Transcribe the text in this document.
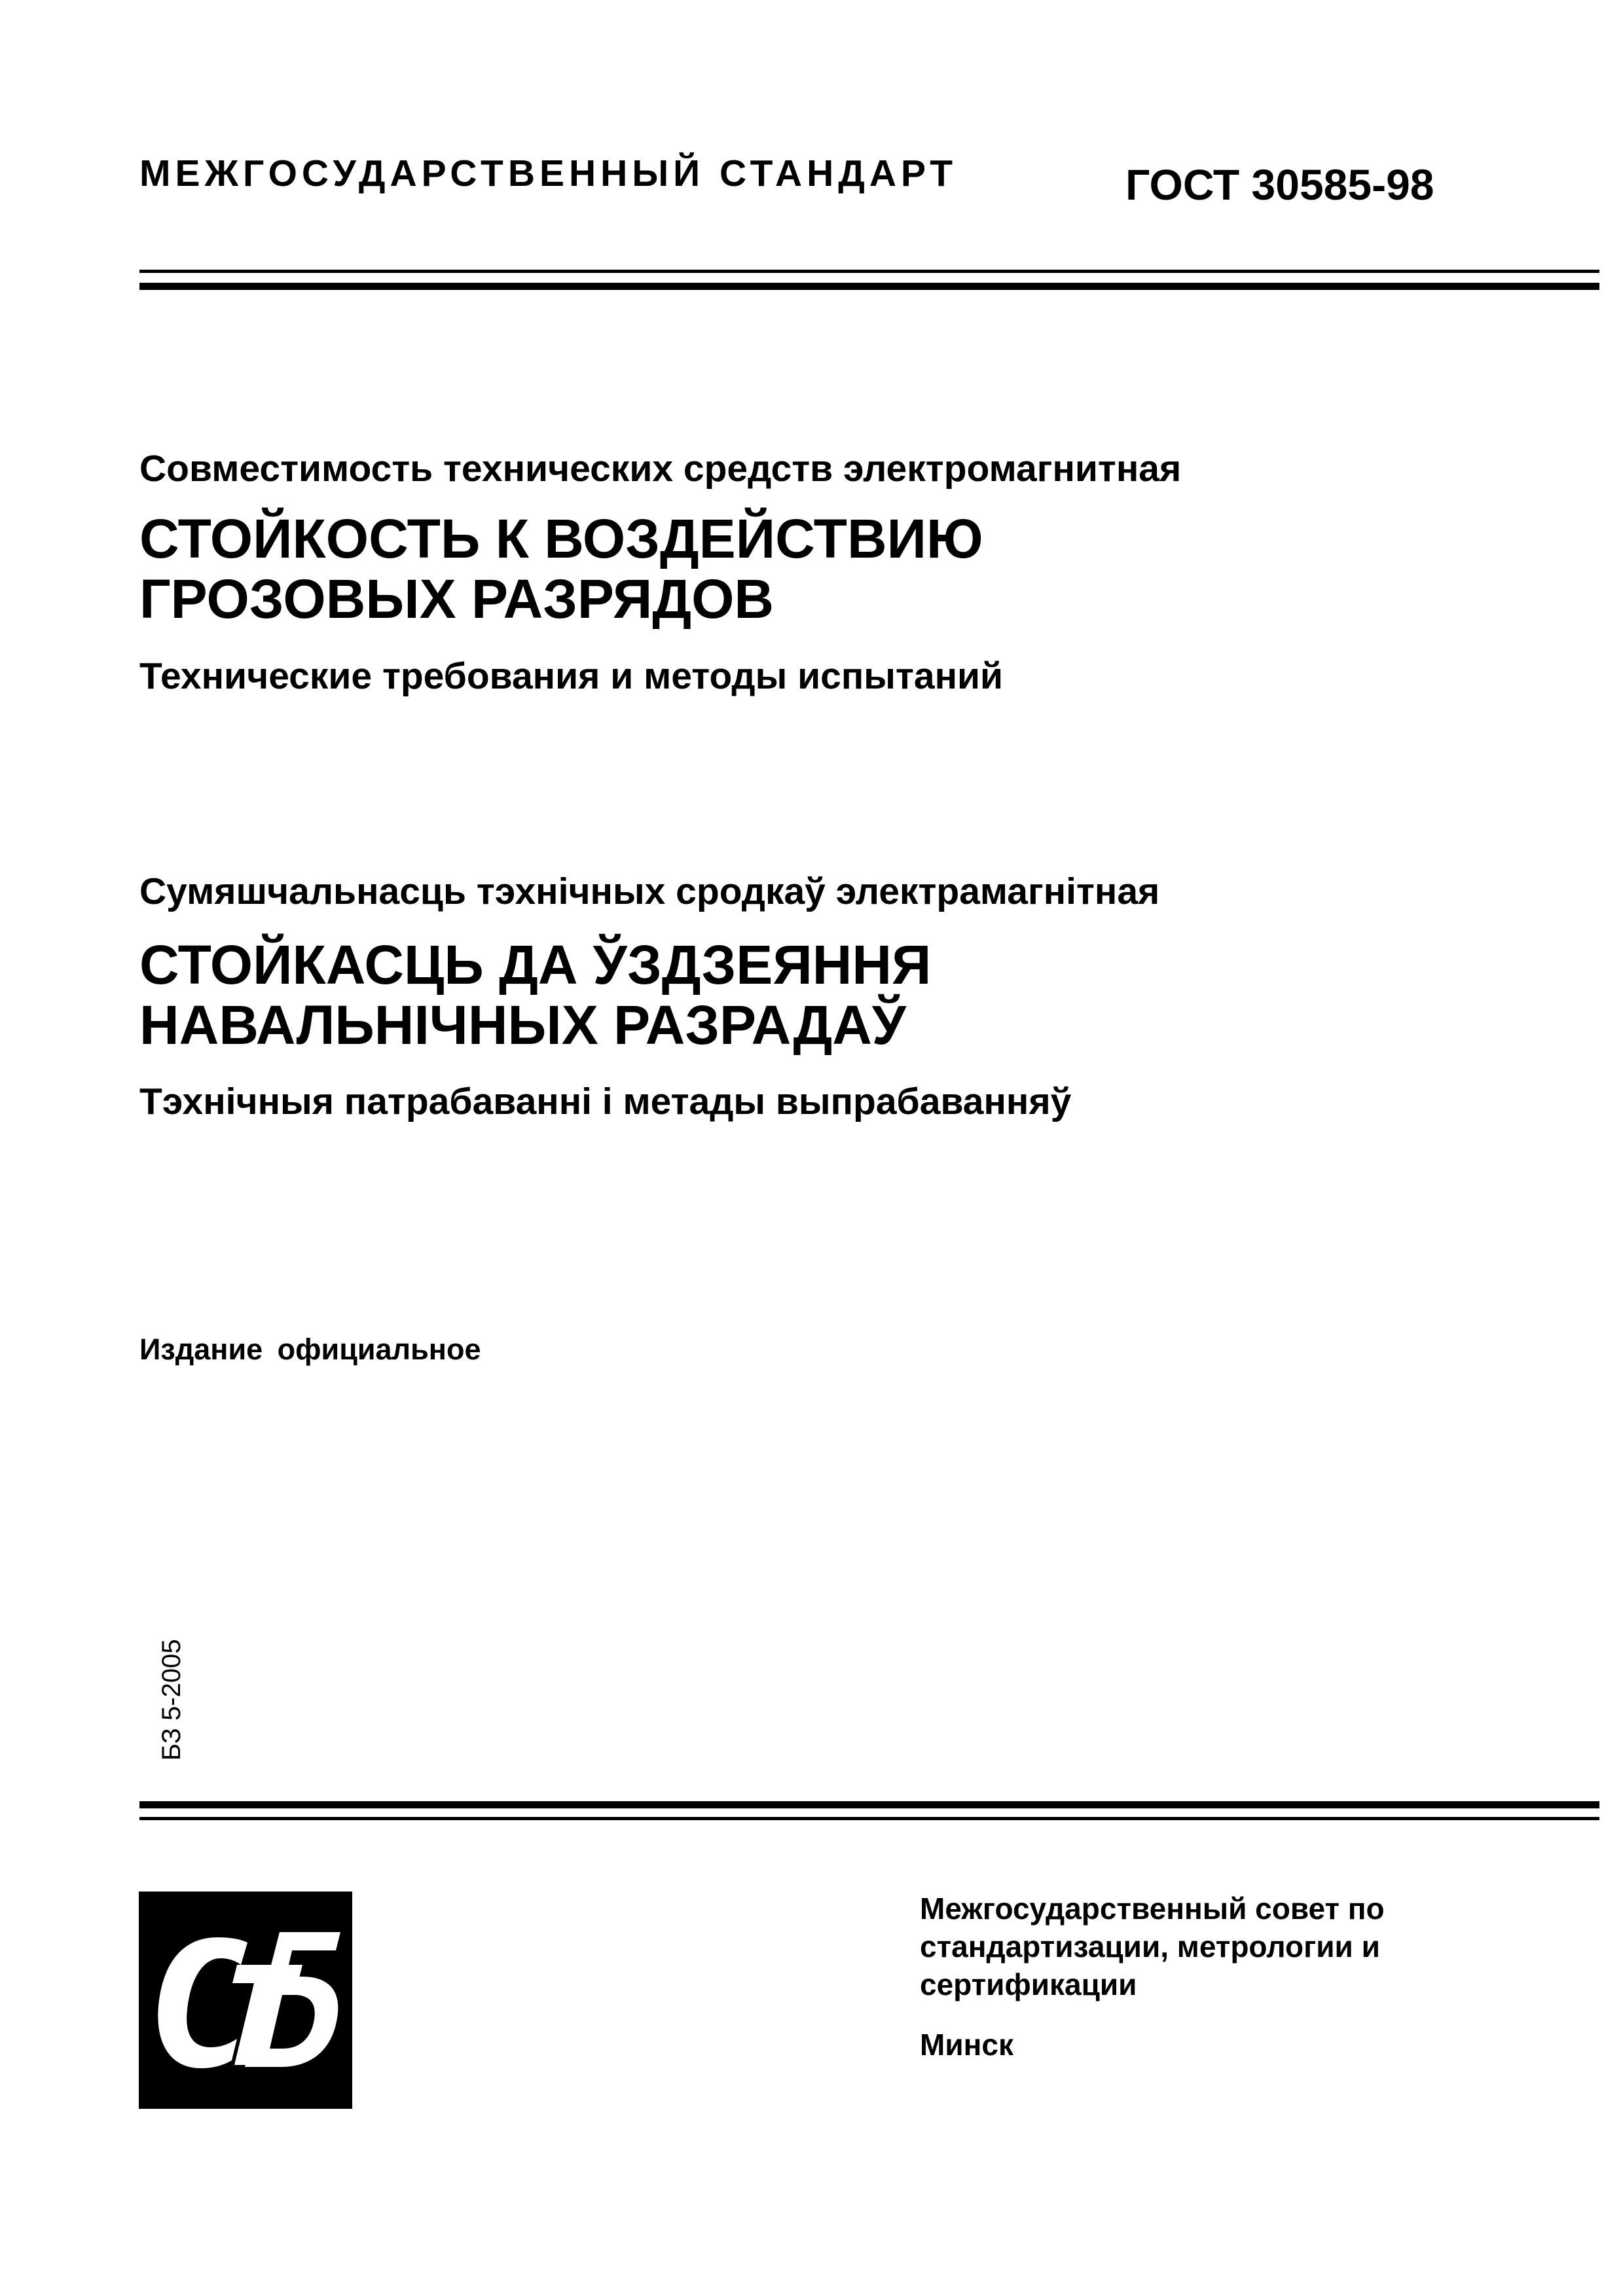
МЕЖГОСУДАРСТВЕННЫЙ СТАНДАРТ	ГОСТ 30585-98
Совместимость технических средств электромагнитная
СТОЙКОСТЬ К ВОЗДЕЙСТВИЮ
ГРОЗОВЫХ РАЗРЯДОВ
Технические требования и методы испытаний
Сумяшчальнасць тэхнічных сродкаў электрамагнітная
СТОЙКАСЦЬ ДА ЎЗДЗЕЯННЯ
НАВАЛЬНІЧНЫХ РАЗРАДАЎ
Тэхнічныя патрабаванні і метады выпрабаванняў
Издание официальное
БЗ 5-2005
Межгосударственный совет по
стандартизации, метрологии и
сертификации
Минск
